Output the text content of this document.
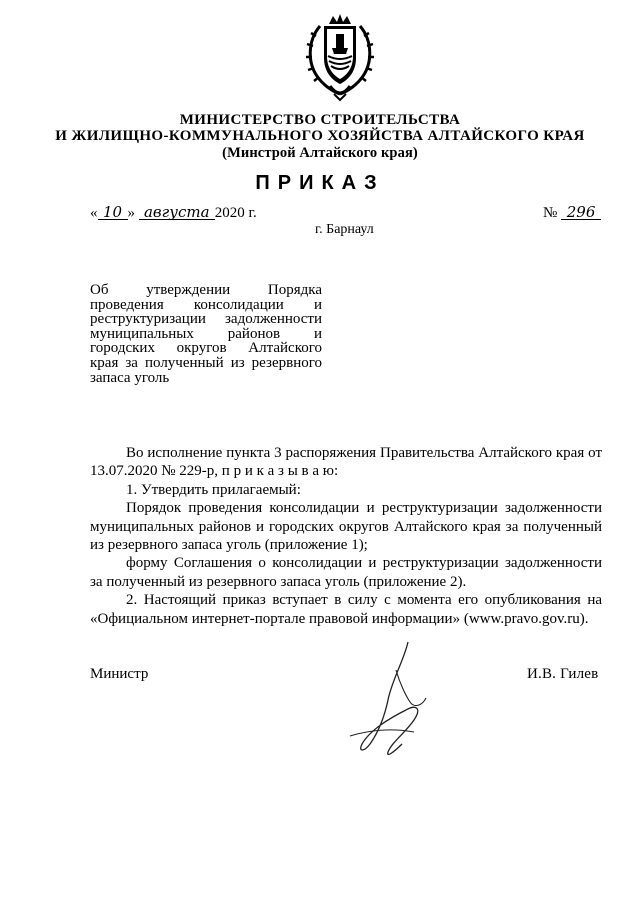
МИНИСТЕРСТВО СТРОИТЕЛЬСТВА
И ЖИЛИЩНО-КОММУНАЛЬНОГО ХОЗЯЙСТВА АЛТАЙСКОГО КРАЯ
(Минстрой Алтайского края)
ПРИКАЗ
« 10 » августа 2020 г.	№ 296
г. Барнаул
Об утверждении Порядка
проведения консолидации и
реструктуризации задолженности
муниципальных районов и
городских округов Алтайского
края за полученный из резервного
запаса уголь

Во исполнение пункта 3 распоряжения Правительства Алтайского края от 13.07.2020 № 229-р, п р и к а з ы в а ю:

1. Утвердить прилагаемый:

Порядок проведения консолидации и реструктуризации задолженности муниципальных районов и городских округов Алтайского края за полученный из резервного запаса уголь (приложение 1);

форму Соглашения о консолидации и реструктуризации задолженности за полученный из резервного запаса уголь (приложение 2).

2. Настоящий приказ вступает в силу с момента его опубликования на «Официальном интернет-портале правовой информации» (www.pravo.gov.ru).

Министр	И.В. Гилев
